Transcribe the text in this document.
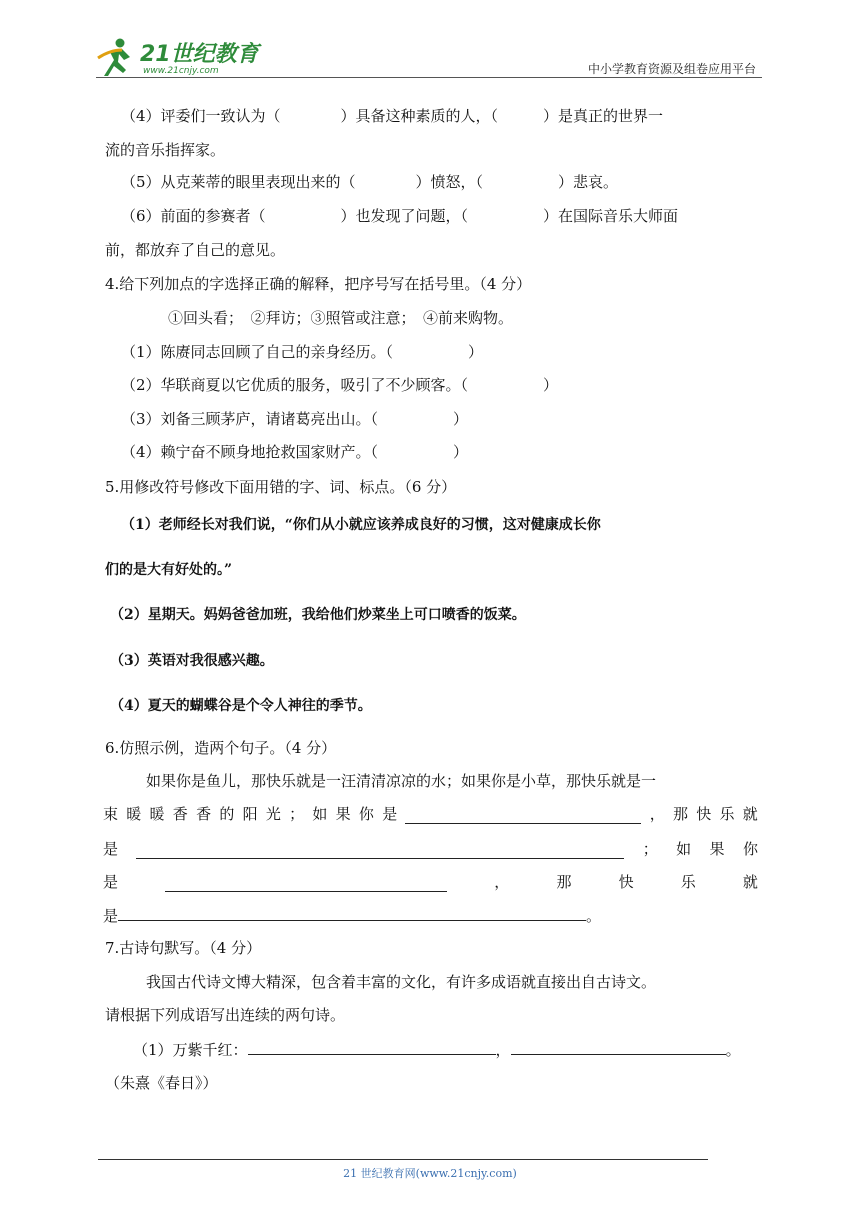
21世纪教育
www.21cnjy.com	中小学教育资源及组卷应用平台
（4）评委们一致认为（　　　　）具备这种素质的人，（　　　）是真正的世界一
流的音乐指挥家。
（5）从克莱蒂的眼里表现出来的（　　　　）愤怒，（　　　　　）悲哀。
（6）前面的参赛者（　　　　　）也发现了问题，（　　　　　）在国际音乐大师面
前，都放弃了自己的意见。
4.给下列加点的字选择正确的解释，把序号写在括号里。（4 分）
①回头看；　②拜访；③照管或注意；　④前来购物。
（1）陈赓同志回顾了自己的亲身经历。（　　　　　）
（2）华联商夏以它优质的服务，吸引了不少顾客。（　　　　　）
（3）刘备三顾茅庐，请诸葛亮出山。（　　　　　）
（4）赖宁奋不顾身地抢救国家财产。（　　　　　）
5.用修改符号修改下面用错的字、词、标点。（6 分）
（1）老师经长对我们说，“你们从小就应该养成良好的习惯，这对健康成长你
们的是大有好处的。”
（2）星期天。妈妈爸爸加班，我给他们炒菜坐上可口喷香的饭菜。
（3）英语对我很感兴趣。
（4）夏天的蝴蝶谷是个令人神往的季节。
6.仿照示例，造两个句子。（4 分）
如果你是鱼儿，那快乐就是一汪清清凉凉的水；如果你是小草，那快乐就是一
束 暖 暖 香 香 的 阳 光 ； 如 果 你 是	， 那 快 乐 就
是	； 如 果 你
是	，	那	快	乐	就
是	。
7.古诗句默写。（4 分）
我国古代诗文博大精深，包含着丰富的文化，有许多成语就直接出自古诗文。
请根据下列成语写出连续的两句诗。
（1）万紫千红：	，	。
（朱熹《春日》）
21 世纪教育网(www.21cnjy.com)
